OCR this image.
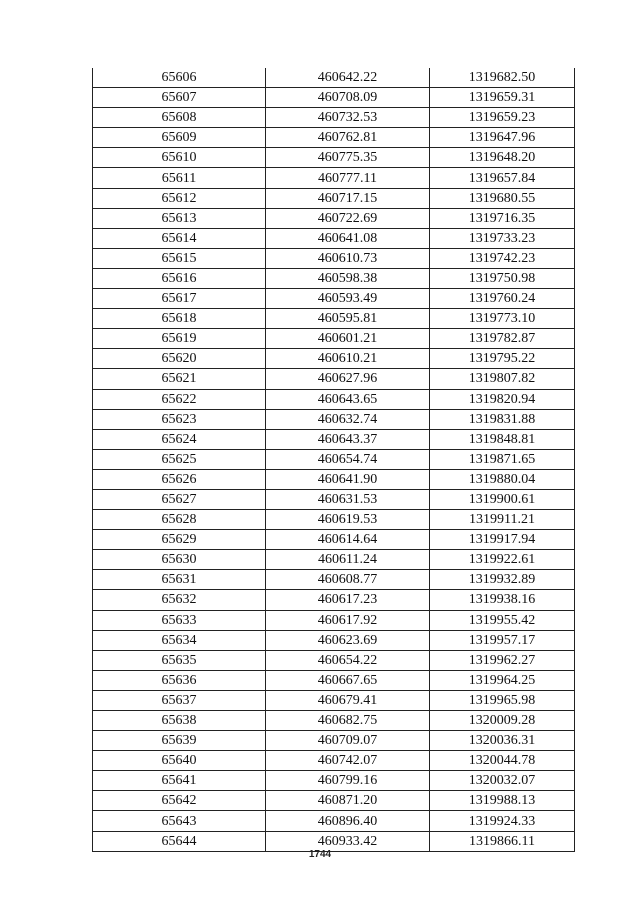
65606	460642.22	1319682.50
65607	460708.09	1319659.31
65608	460732.53	1319659.23
65609	460762.81	1319647.96
65610	460775.35	1319648.20
65611	460777.11	1319657.84
65612	460717.15	1319680.55
65613	460722.69	1319716.35
65614	460641.08	1319733.23
65615	460610.73	1319742.23
65616	460598.38	1319750.98
65617	460593.49	1319760.24
65618	460595.81	1319773.10
65619	460601.21	1319782.87
65620	460610.21	1319795.22
65621	460627.96	1319807.82
65622	460643.65	1319820.94
65623	460632.74	1319831.88
65624	460643.37	1319848.81
65625	460654.74	1319871.65
65626	460641.90	1319880.04
65627	460631.53	1319900.61
65628	460619.53	1319911.21
65629	460614.64	1319917.94
65630	460611.24	1319922.61
65631	460608.77	1319932.89
65632	460617.23	1319938.16
65633	460617.92	1319955.42
65634	460623.69	1319957.17
65635	460654.22	1319962.27
65636	460667.65	1319964.25
65637	460679.41	1319965.98
65638	460682.75	1320009.28
65639	460709.07	1320036.31
65640	460742.07	1320044.78
65641	460799.16	1320032.07
65642	460871.20	1319988.13
65643	460896.40	1319924.33
65644	460933.42	1319866.11
1744
